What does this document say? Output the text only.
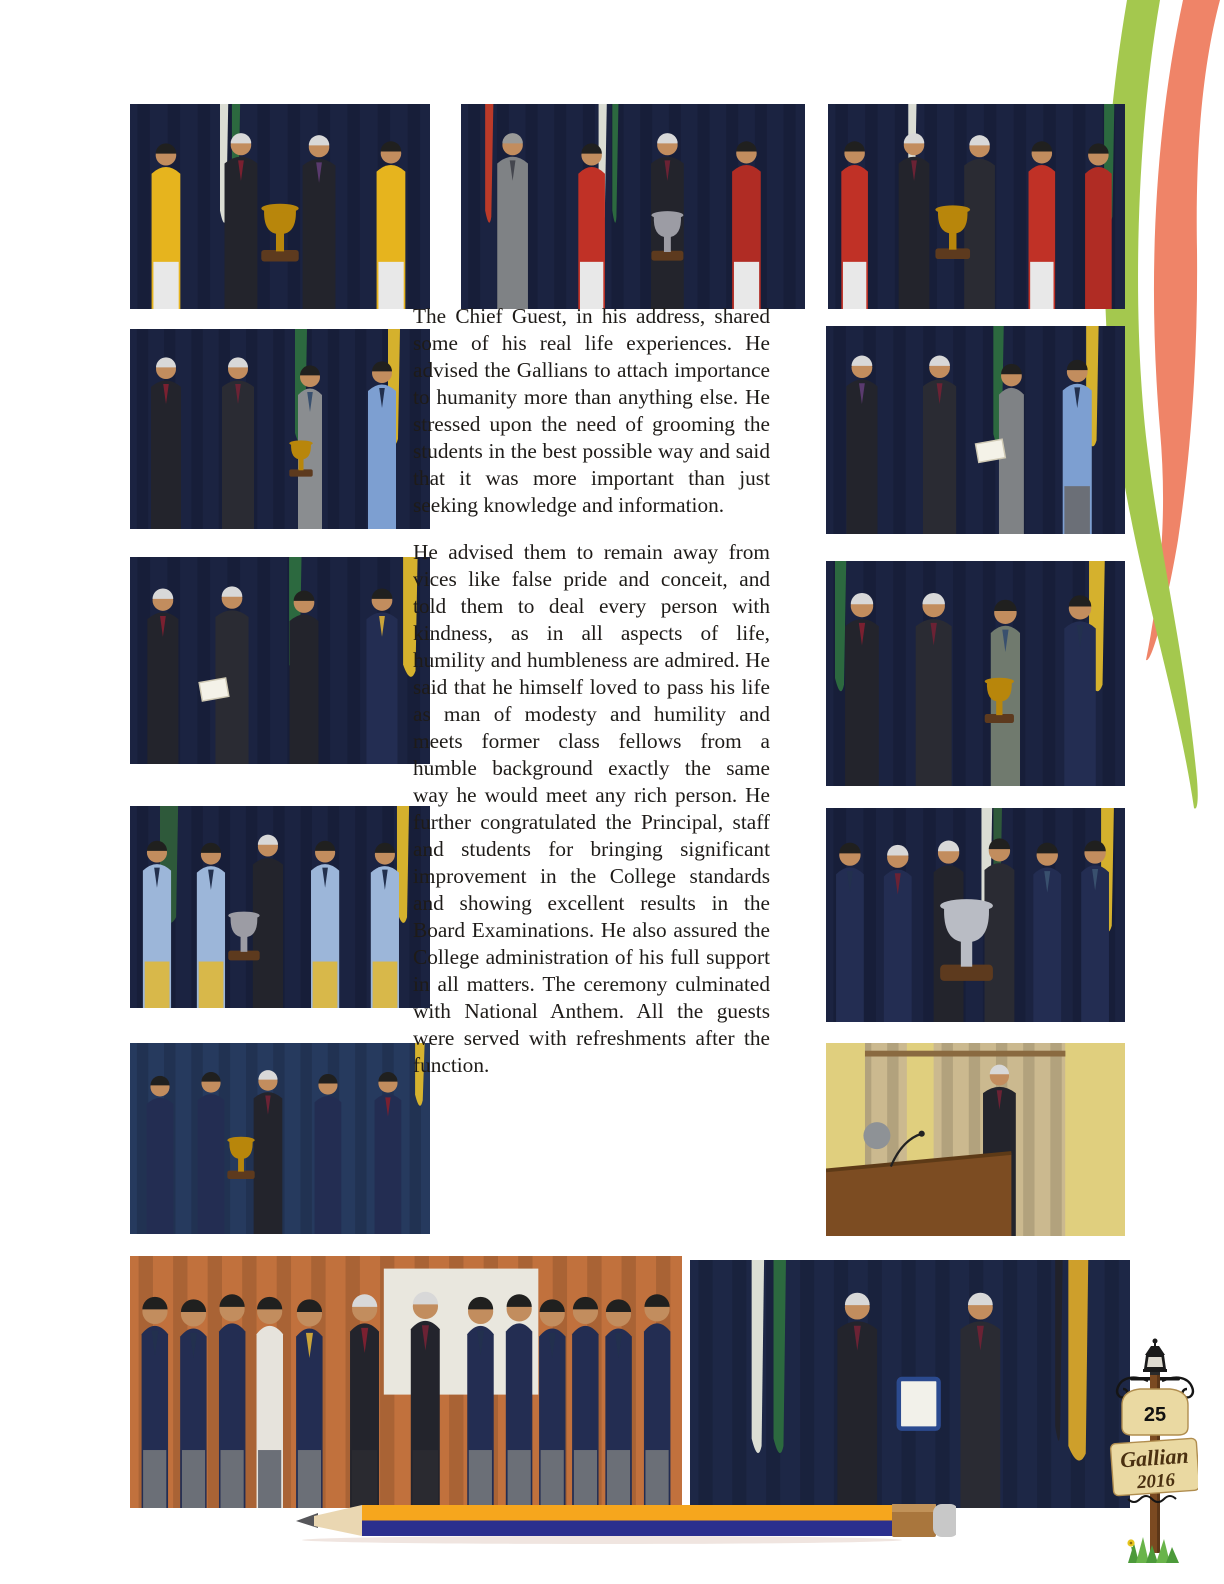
The Chief Guest, in his address, shared some of his real life experiences. He advised the Gallians to attach importance to humanity more than anything else. He stressed upon the need of grooming the students in the best possible way and said that it was more important than just seeking knowledge and information.

He advised them to remain away from vices like false pride and conceit, and told them to deal every person with kindness, as in all aspects of life, humility and humbleness are admired. He said that he himself loved to pass his life as man of modesty and humility and meets former class fellows from a humble background exactly the same way he would meet any rich person. He further congratulated the Principal, staff and students for bringing significant improvement in the College standards and showing excellent results in the Board Examinations. He also assured the College administration of his full support in all matters. The ceremony culminated with National Anthem. All the guests were served with refreshments after the function.

25
Gallian
2016
